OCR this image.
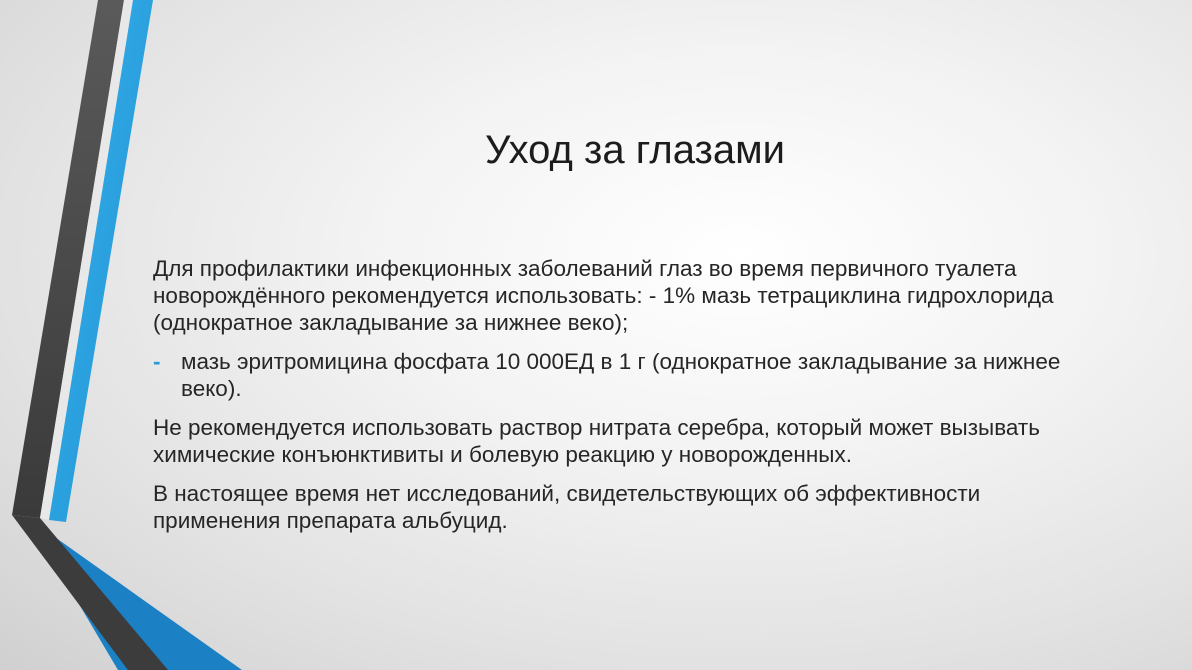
Уход за глазами

Для профилактики инфекционных заболеваний глаз во время первичного туалета новорождённого рекомендуется использовать: - 1% мазь тетрациклина гидрохлорида (однократное закладывание за нижнее веко);

- мазь эритромицина фосфата 10 000ЕД в 1 г (однократное закладывание за нижнее веко).

Не рекомендуется использовать раствор нитрата серебра, который может вызывать химические конъюнктивиты и болевую реакцию у новорожденных.

В настоящее время нет исследований, свидетельствующих об эффективности применения препарата альбуцид.
